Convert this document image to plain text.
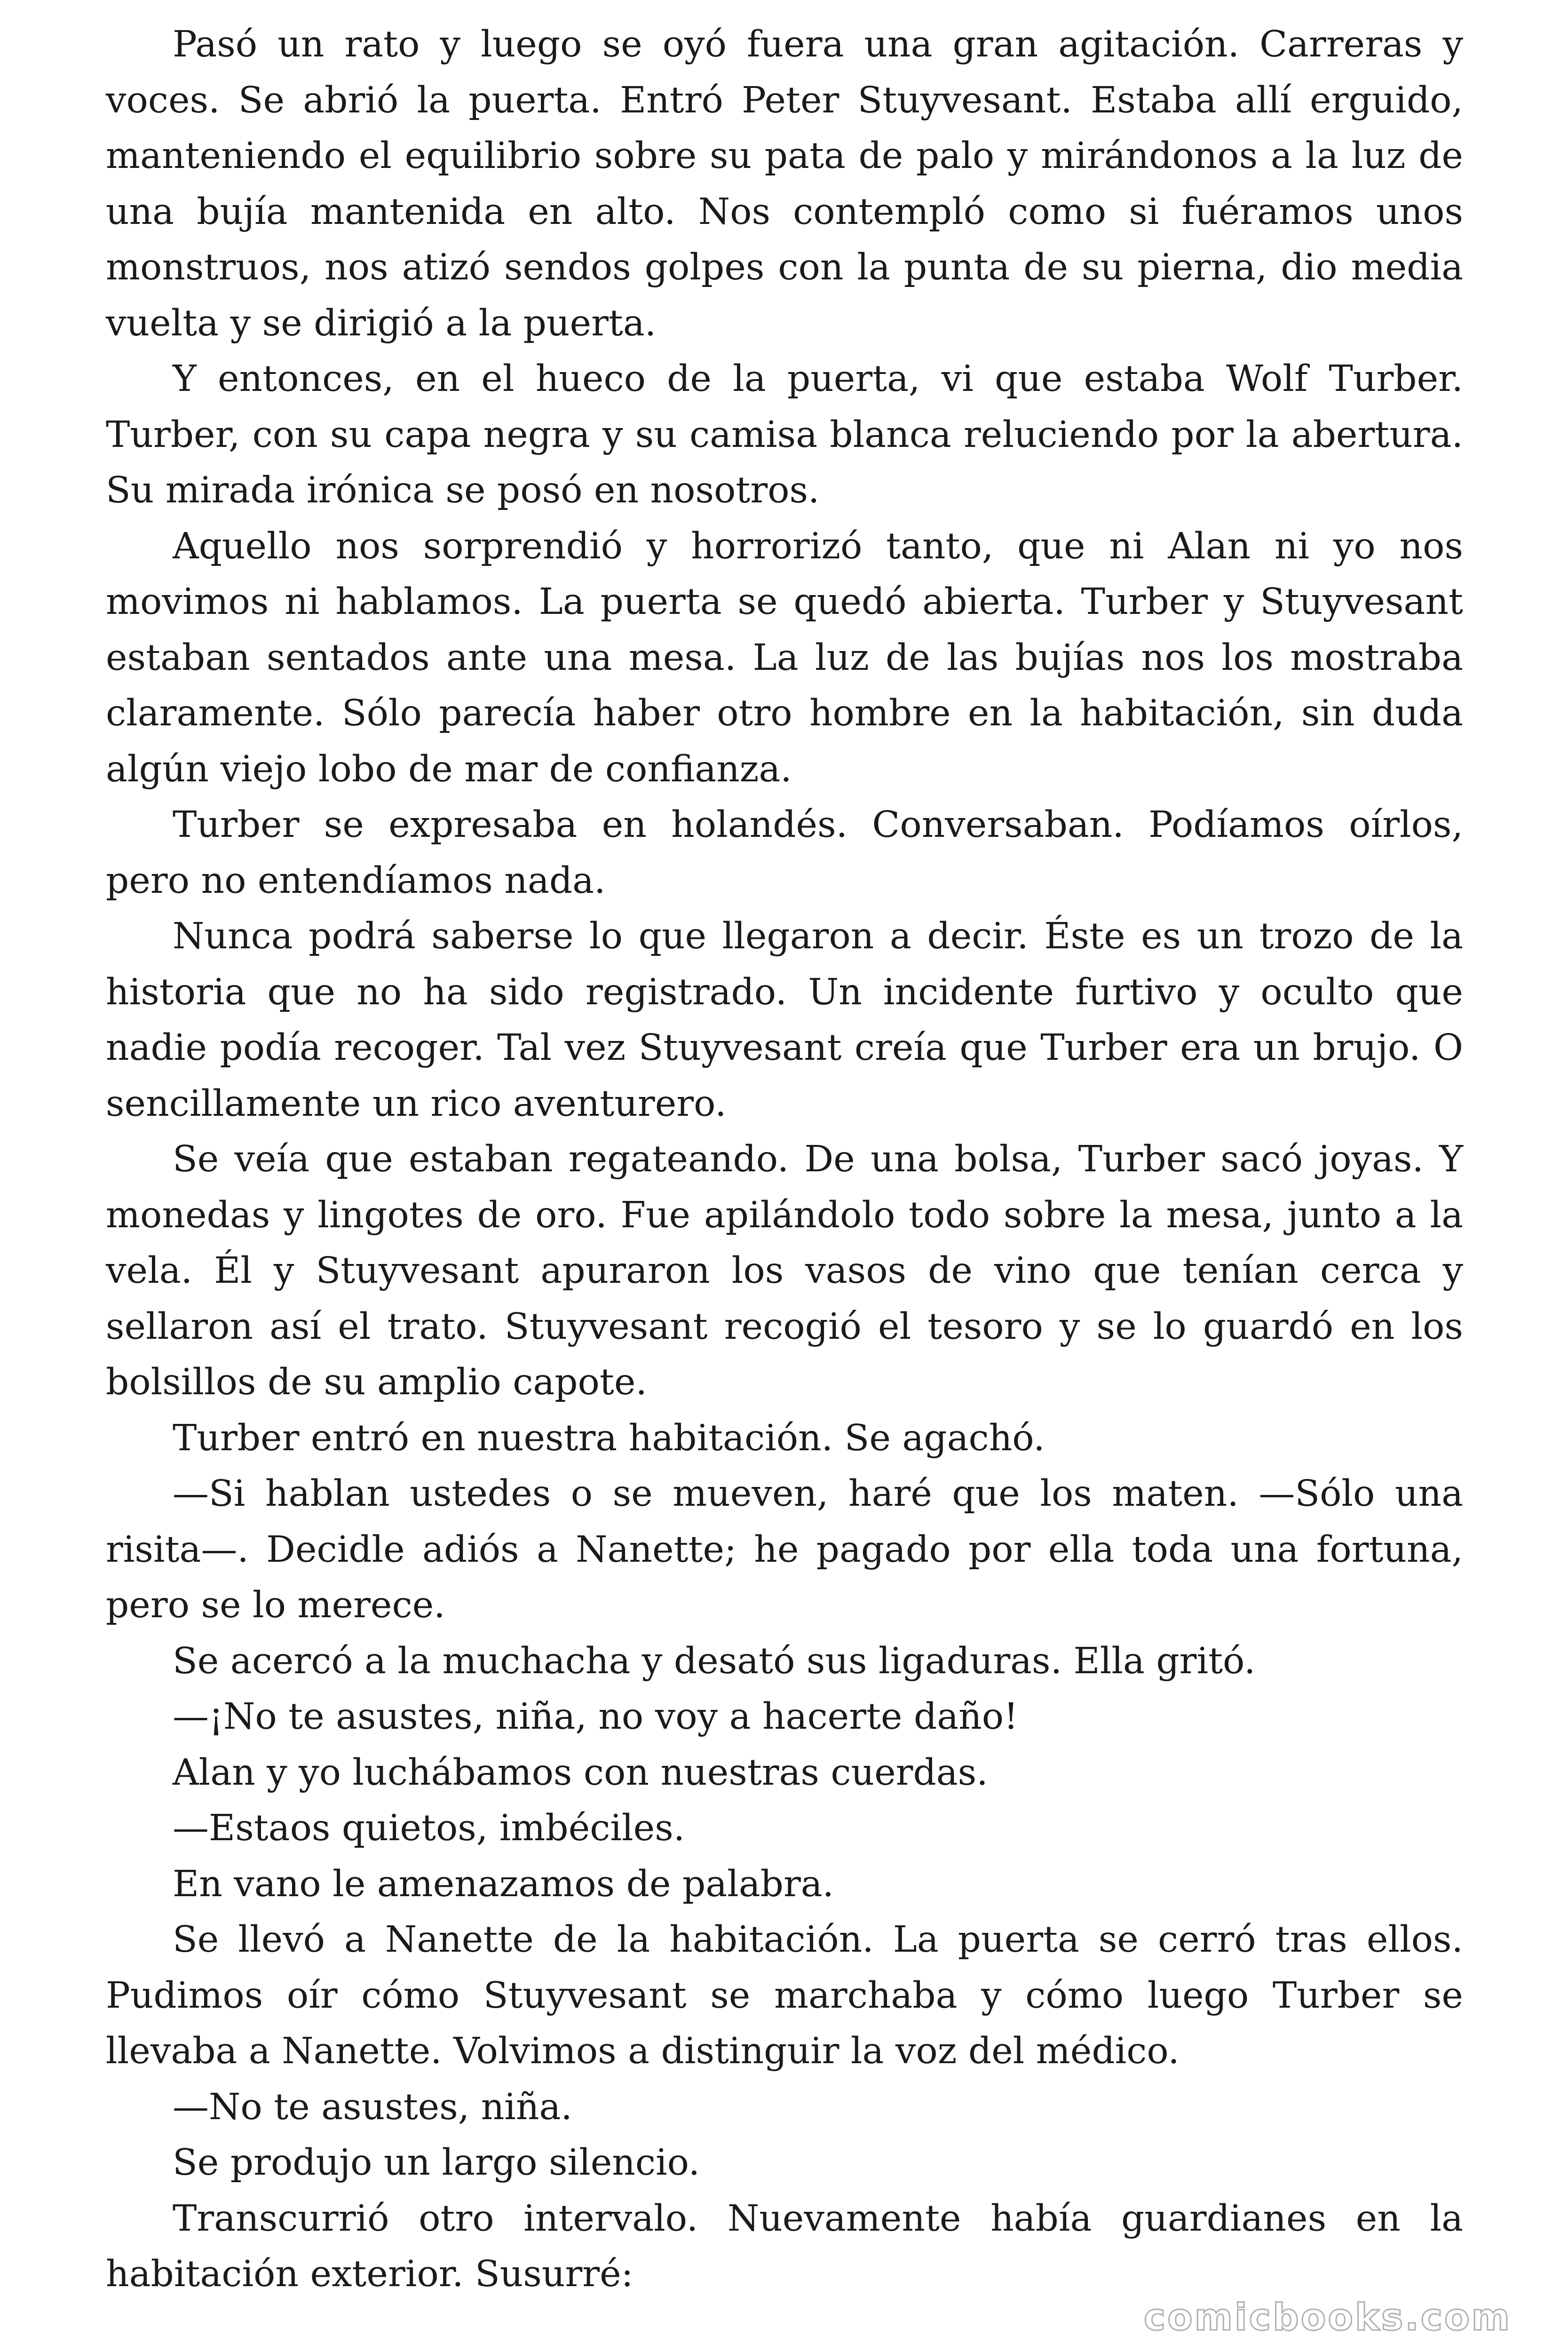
Pasó un rato y luego se oyó fuera una gran agitación. Carreras y voces. Se abrió la puerta. Entró Peter Stuyvesant. Estaba allí erguido, manteniendo el equilibrio sobre su pata de palo y mirándonos a la luz de una bujía mantenida en alto. Nos contempló como si fuéramos unos monstruos, nos atizó sendos golpes con la punta de su pierna, dio media vuelta y se dirigió a la puerta.

Y entonces, en el hueco de la puerta, vi que estaba Wolf Turber. Turber, con su capa negra y su camisa blanca reluciendo por la abertura. Su mirada irónica se posó en nosotros.

Aquello nos sorprendió y horrorizó tanto, que ni Alan ni yo nos movimos ni hablamos. La puerta se quedó abierta. Turber y Stuyvesant estaban sentados ante una mesa. La luz de las bujías nos los mostraba claramente. Sólo parecía haber otro hombre en la habitación, sin duda algún viejo lobo de mar de confianza.

Turber se expresaba en holandés. Conversaban. Podíamos oírlos, pero no entendíamos nada.

Nunca podrá saberse lo que llegaron a decir. Éste es un trozo de la historia que no ha sido registrado. Un incidente furtivo y oculto que nadie podía recoger. Tal vez Stuyvesant creía que Turber era un brujo. O sencillamente un rico aventurero.

Se veía que estaban regateando. De una bolsa, Turber sacó joyas. Y monedas y lingotes de oro. Fue apilándolo todo sobre la mesa, junto a la vela. Él y Stuyvesant apuraron los vasos de vino que tenían cerca y sellaron así el trato. Stuyvesant recogió el tesoro y se lo guardó en los bolsillos de su amplio capote.

Turber entró en nuestra habitación. Se agachó.

—Si hablan ustedes o se mueven, haré que los maten. —Sólo una risita—. Decidle adiós a Nanette; he pagado por ella toda una fortuna, pero se lo merece.

Se acercó a la muchacha y desató sus ligaduras. Ella gritó.

—¡No te asustes, niña, no voy a hacerte daño!

Alan y yo luchábamos con nuestras cuerdas.

—Estaos quietos, imbéciles.

En vano le amenazamos de palabra.

Se llevó a Nanette de la habitación. La puerta se cerró tras ellos. Pudimos oír cómo Stuyvesant se marchaba y cómo luego Turber se llevaba a Nanette. Volvimos a distinguir la voz del médico.

—No te asustes, niña.

Se produjo un largo silencio.

Transcurrió otro intervalo. Nuevamente había guardianes en la habitación exterior. Susurré:

comicbooks.com
